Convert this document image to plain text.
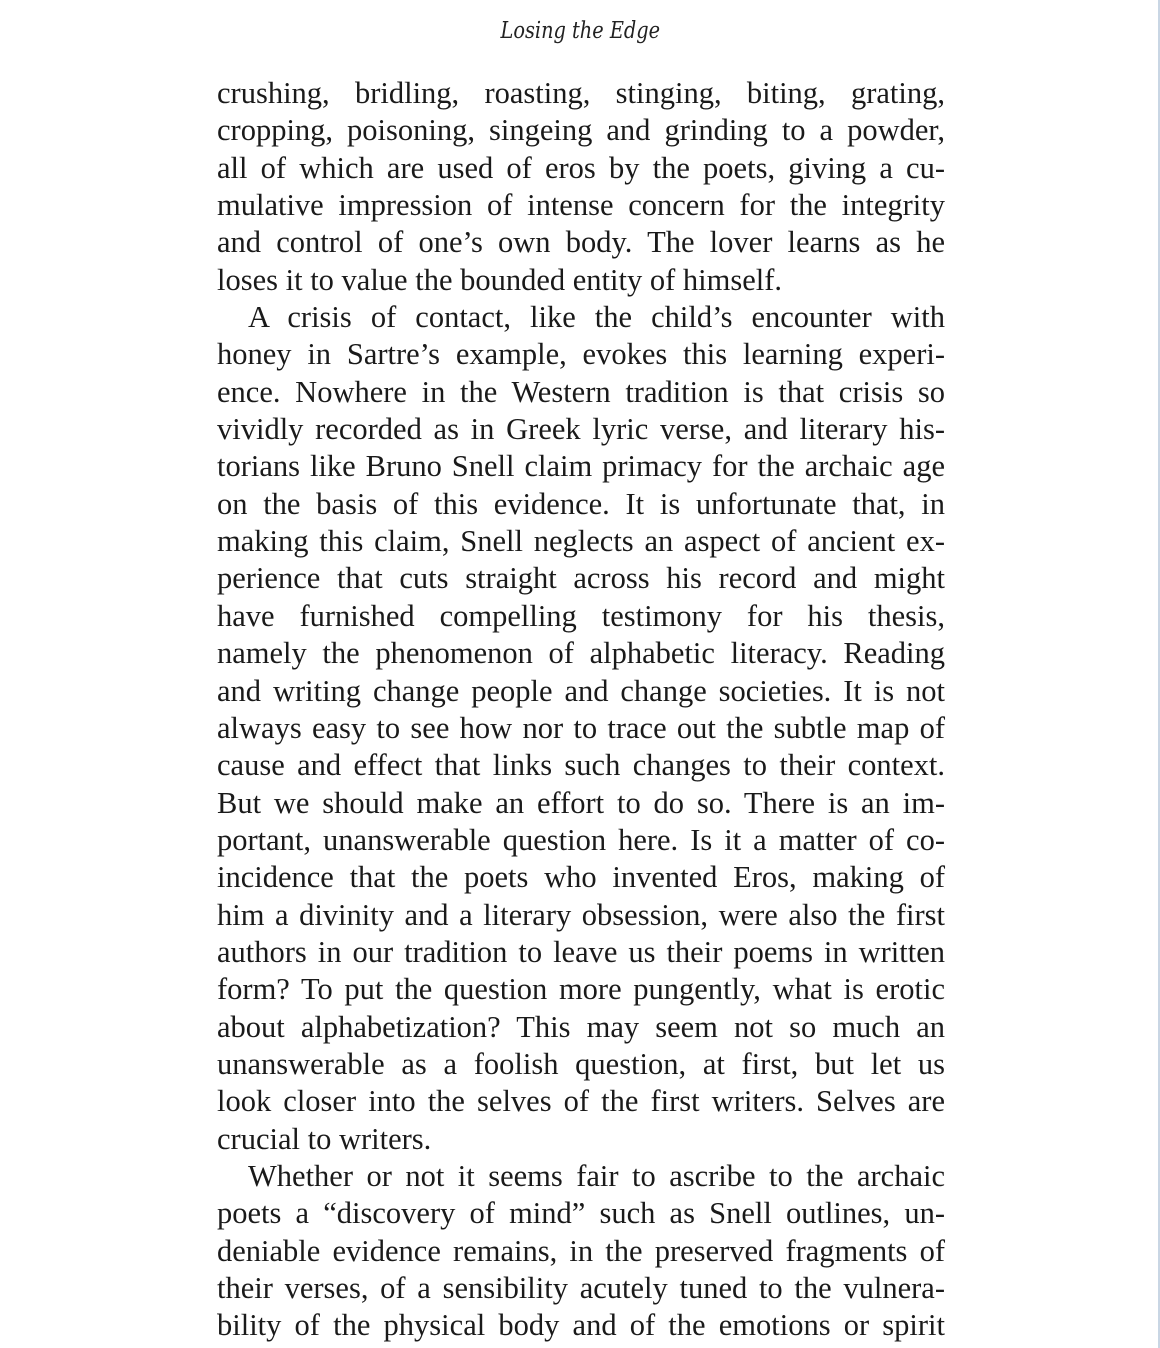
Losing the Edge
crushing, bridling, roasting, stinging, biting, grating,
cropping, poisoning, singeing and grinding to a powder,
all of which are used of eros by the poets, giving a cu-
mulative impression of intense concern for the integrity
and control of one’s own body. The lover learns as he
loses it to value the bounded entity of himself.
A crisis of contact, like the child’s encounter with
honey in Sartre’s example, evokes this learning experi-
ence. Nowhere in the Western tradition is that crisis so
vividly recorded as in Greek lyric verse, and literary his-
torians like Bruno Snell claim primacy for the archaic age
on the basis of this evidence. It is unfortunate that, in
making this claim, Snell neglects an aspect of ancient ex-
perience that cuts straight across his record and might
have furnished compelling testimony for his thesis,
namely the phenomenon of alphabetic literacy. Reading
and writing change people and change societies. It is not
always easy to see how nor to trace out the subtle map of
cause and effect that links such changes to their context.
But we should make an effort to do so. There is an im-
portant, unanswerable question here. Is it a matter of co-
incidence that the poets who invented Eros, making of
him a divinity and a literary obsession, were also the first
authors in our tradition to leave us their poems in written
form? To put the question more pungently, what is erotic
about alphabetization? This may seem not so much an
unanswerable as a foolish question, at first, but let us
look closer into the selves of the first writers. Selves are
crucial to writers.
Whether or not it seems fair to ascribe to the archaic
poets a “discovery of mind” such as Snell outlines, un-
deniable evidence remains, in the preserved fragments of
their verses, of a sensibility acutely tuned to the vulnera-
bility of the physical body and of the emotions or spirit
